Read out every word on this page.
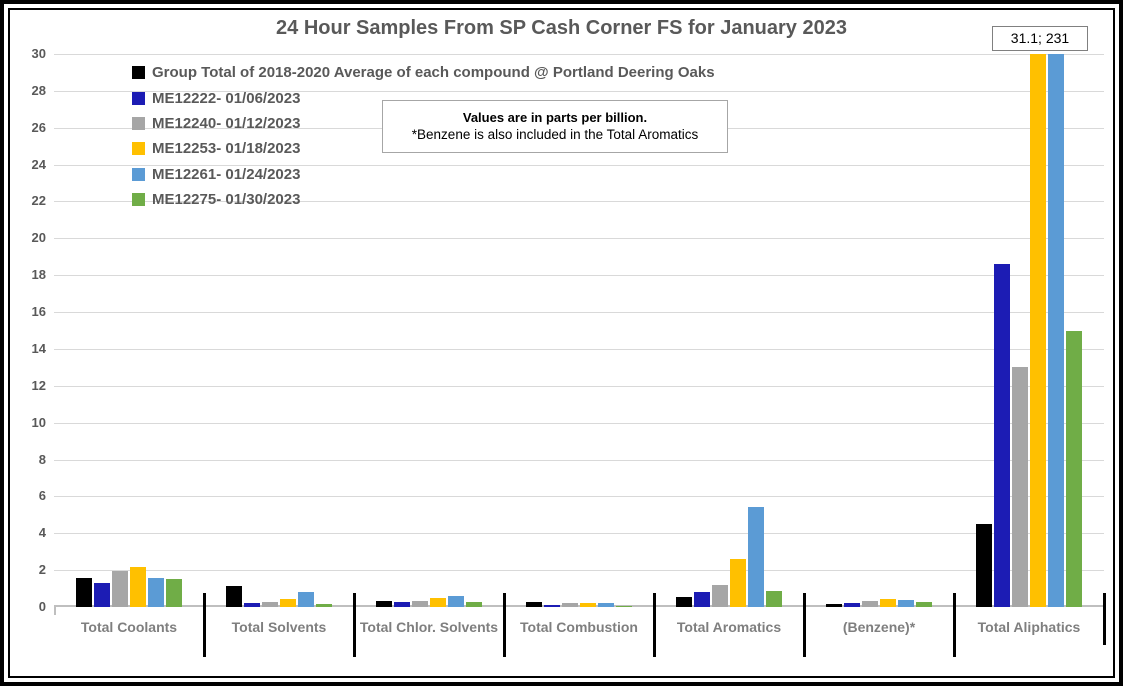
24 Hour Samples From SP Cash Corner FS for January 2023
0
2
4
6
8
10
12
14
16
18
20
22
24
26
28
30
Total Coolants	Total Solvents	Total Chlor. Solvents	Total Combustion	Total Aromatics	(Benzene)*	Total Aliphatics
Group Total of 2018-2020 Average of each compound @ Portland Deering Oaks
ME12222- 01/06/2023
ME12240- 01/12/2023
ME12253- 01/18/2023
ME12261- 01/24/2023
ME12275- 01/30/2023
Values are in parts per billion.
*Benzene is also included in the Total Aromatics
31.1; 231
